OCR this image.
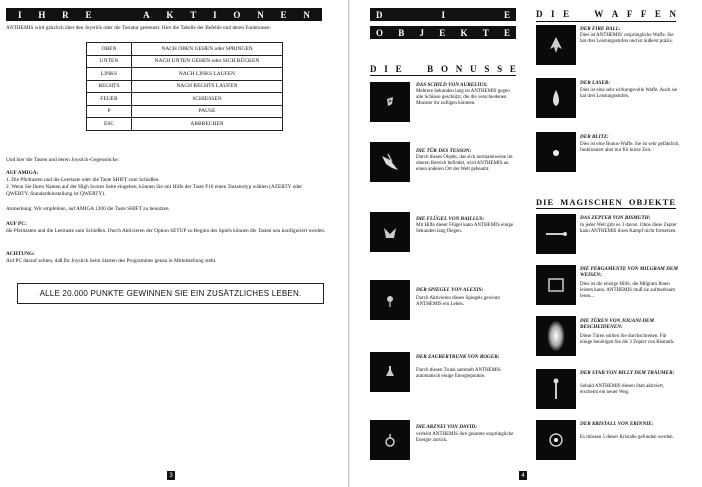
I H R E	A K T I O N E N
ANTHEMIS wird gänzlich über den Joystick oder die Tastatur gesteuert. Hier die Tabelle der Befehle und deren Funktionen:
OBEN	NACH OBEN GEHEN oder SPRINGEN
UNTEN	NACH UNTEN GEHEN oder SICH BÜCKEN
LINKS	NACH LINKS LAUFEN
RECHTS	NACH RECHTS LAUFEN
FEUER	SCHIESSEN
P	PAUSE
ESC	ABBRECHEN
Und hier die Tasten und deren Joystick-Gegenstücke:
AUF AMIGA:
1. Die Pfeiltasten und die Leertaste oder die Taste SHIFT zum Schießen.
2. Wenn Sie Ihren Namen auf der High Scores Seite eingeben, können Sie mit Hilfe der Taste F10 einen Tastaturtyp wählen (AZERTY oder QWERTY, Standardeinstellung ist QWERTY).
Anmerkung: Wir empfehlen, auf AMIGA 1200 die Taste SHIFT zu benutzen.
AUF PC:
die Pfeiltasten und die Leertaste zum Schießen. Durch Aktivieren der Option SETUP zu Beginn des Spiels können die Tasten neu konfiguriert werden.
ACHTUNG:
Auf PC darauf achten, daß Ihr Joystick beim Starten des Programmes genau in Mittelstellung steht.
ALLE 20.000 PUNKTE GEWINNEN SIE EIN ZUSÄTZLICHES LEBEN.
3
D	I	E
O B J E K T E
D I E	B O N U S S E
D I E	W A F F E N
DIE MAGISCHEN OBJEKTE
DAS SCHILD VON AURELIUS:
Mehrere Sekunden lang ist ANTHEMIS gegen alle Schüsse geschützt, die die verschiedenen Monster ihr zufügen könnten.
DIE TÜR DES TESSON:
Durch dieses Objekt, das sich normalerweise im oberen Bereich befindet, wird ANTHEMIS an einen anderen Ort der Welt gebeamt.
DIE FLÜGEL VON BAILLUS:
Mit Hilfe dieser Flügel kann ANTHEMIS einige Sekunden lang fliegen.
DER SPIEGEL VON ALEXIS:
Durch Aktivieren dieses Spiegels gewinnt ANTHEMIS ein Leben.
DER ZAUBERTRUNK VON ROGER:
Durch diesen Trunk sammelt ANTHEMIS automatisch einige Energiepunkte.
DIE ARZNEI VON DAVID:
verleiht ANTHEMIS ihre gesamte ursprüngliche Energie zurück.
DER FIRE BALL:
Dies ist ANTHEMIS' ursprüngliche Waffe. Sie hat drei Leistungsstufen und ist äußerst präzis.
DER LASER:
Dies ist eine sehr wirkungsvolle Waffe. Auch sie hat drei Leistungsstufen.
DER BLITZ:
Dies ist eine Bonus-Waffe. Sie ist sehr gefährlich, funktioniert aber nur für kurze Zeit.
DAS ZEPTER VON BISMUTH:
In jeder Welt gibt es 3 davon. Ohne diese Zepter kann ANTHEMIS ihren Kampf nicht fortsetzen.
DIE PERGAMENTE VON MILGRAM DEM WEISEN:
Dies ist die einzige Hilfe, die Milgram Ihnen leisten kann. ANTHEMIS muß sie aufmerksam lesen...
DIE TÜREN VON JOUANI DEM BESCHEIDENEN:
Diese Türen sollten Sie durchschreiten. Für einige benötigen Sie die 3 Zepter von Bismuth.
DER STAB VON BILLY DEM TRÄUMER:
Sobald ANTHEMIS diesen Stab aktiviert, erscheint ein neuer Weg.
DER KRISTALL VON ERINNIE:
Es müssen 5 dieser Kristalle gefunden werden.
4
